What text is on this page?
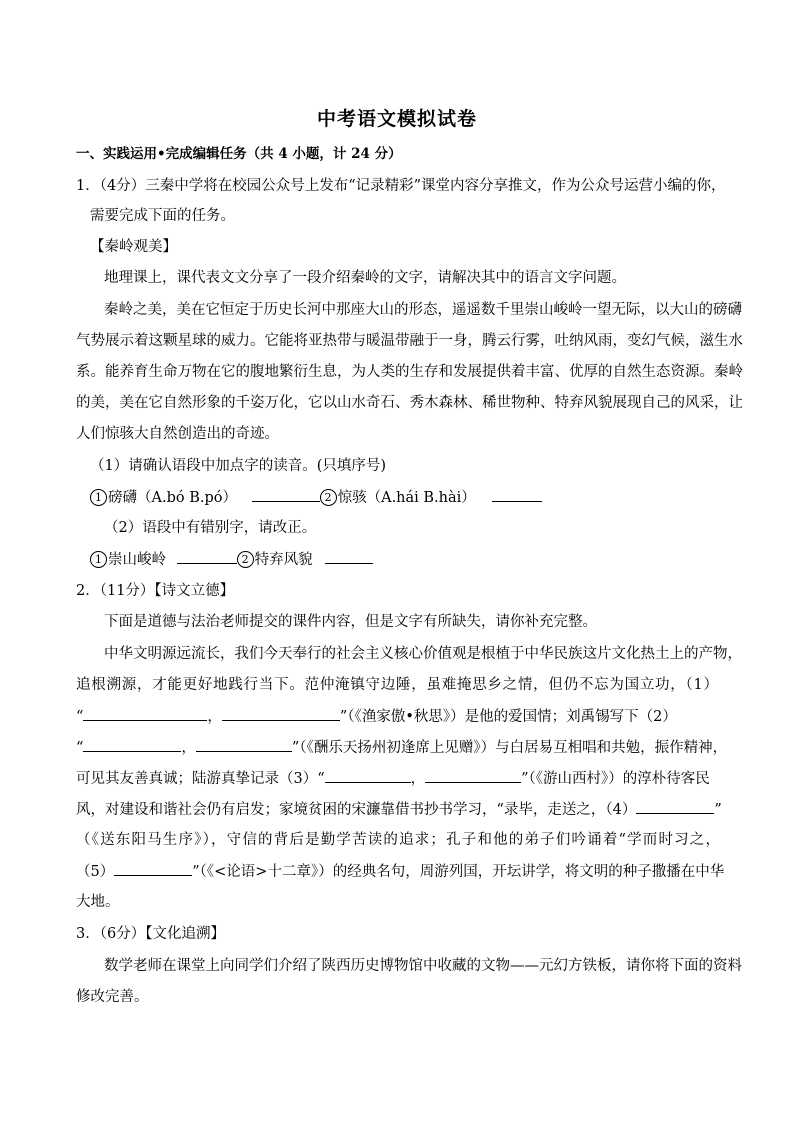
中考语文模拟试卷
一、实践运用•完成编辑任务（共 4 小题，计 24 分）
1．（4分）三秦中学将在校园公众号上发布“记录精彩”课堂内容分享推文，作为公众号运营小编的你，
需要完成下面的任务。
【秦岭观美】
地理课上，课代表文文分享了一段介绍秦岭的文字，请解决其中的语言文字问题。
秦岭之美，美在它恒定于历史长河中那座大山的形态，遥遥数千里崇山峻岭一望无际，以大山的磅礴
气势展示着这颗星球的威力。它能将亚热带与暖温带融于一身，腾云行雾，吐纳风雨，变幻气候，滋生水
系。能养育生命万物在它的腹地繁衍生息，为人类的生存和发展提供着丰富、优厚的自然生态资源。秦岭
的美，美在它自然形象的千姿万化，它以山水奇石、秀木森林、稀世物种、特弃风貌展现自己的风采，让
人们惊骇大自然创造出的奇迹。
（1）请确认语段中加点字的读音。(只填序号)
1 磅礴（A.bó B.pó）	2 惊骇（A.hái B.hài）
（2）语段中有错别字，请改正。
1 崇山峻岭	2 特弃风貌
2．（11分）【诗文立德】
下面是道德与法治老师提交的课件内容，但是文字有所缺失，请你补充完整。
中华文明源远流长，我们今天奉行的社会主义核心价值观是根植于中华民族这片文化热土上的产物，
追根溯源，才能更好地践行当下。范仲淹镇守边陲，虽难掩思乡之情，但仍不忘为国立功，（1）
“	，	”（《渔家傲•秋思》）是他的爱国情；刘禹锡写下（2）
“	，	”（《酬乐天扬州初逢席上见赠》）与白居易互相唱和共勉，振作精神，
可见其友善真诚；陆游真挚记录（3）“	，	”（《游山西村》）的淳朴待客民
风，对建设和谐社会仍有启发；家境贫困的宋濂靠借书抄书学习，“录毕，走送之，（4）	”
（《送东阳马生序》），守信的背后是勤学苦读的追求；孔子和他的弟子们吟诵着“学而时习之，
（5）	”（《<论语>十二章》）的经典名句，周游列国，开坛讲学，将文明的种子撒播在中华
大地。
3．（6分）【文化追溯】
数学老师在课堂上向同学们介绍了陕西历史博物馆中收藏的文物——元幻方铁板，请你将下面的资料
修改完善。
